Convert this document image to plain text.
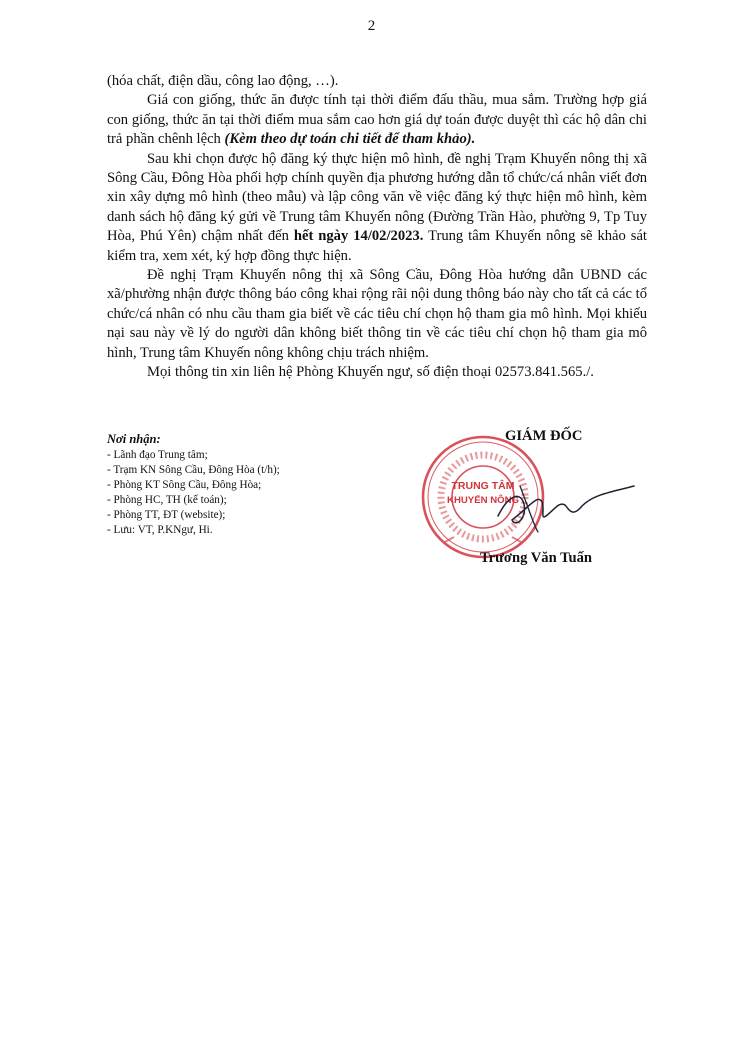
2

(hóa chất, điện dầu, công lao động, …).

Giá con giống, thức ăn được tính tại thời điểm đấu thầu, mua sắm. Trường hợp giá con giống, thức ăn tại thời điểm mua sắm cao hơn giá dự toán được duyệt thì các hộ dân chi trả phần chênh lệch (Kèm theo dự toán chi tiết để tham khảo).

Sau khi chọn được hộ đăng ký thực hiện mô hình, đề nghị Trạm Khuyến nông thị xã Sông Cầu, Đông Hòa phối hợp chính quyền địa phương hướng dẫn tổ chức/cá nhân viết đơn xin xây dựng mô hình (theo mẫu) và lập công văn về việc đăng ký thực hiện mô hình, kèm danh sách hộ đăng ký gửi về Trung tâm Khuyến nông (Đường Trần Hào, phường 9, Tp Tuy Hòa, Phú Yên) chậm nhất đến hết ngày 14/02/2023. Trung tâm Khuyến nông sẽ khảo sát kiểm tra, xem xét, ký hợp đồng thực hiện.

Đề nghị Trạm Khuyến nông thị xã Sông Cầu, Đông Hòa hướng dẫn UBND các xã/phường nhận được thông báo công khai rộng rãi nội dung thông báo này cho tất cả các tổ chức/cá nhân có nhu cầu tham gia biết về các tiêu chí chọn hộ tham gia mô hình. Mọi khiếu nại sau này về lý do người dân không biết thông tin về các tiêu chí chọn hộ tham gia mô hình, Trung tâm Khuyến nông không chịu trách nhiệm.

Mọi thông tin xin liên hệ Phòng Khuyến ngư, số điện thoại 02573.841.565./.

Nơi nhận:
- Lãnh đạo Trung tâm;
- Trạm KN Sông Cầu, Đông Hòa (t/h);
- Phòng KT Sông Cầu, Đông Hòa;
- Phòng HC, TH (kế toán);
- Phòng TT, ĐT (website);
- Lưu: VT, P.KNgư, Hi.
TRUNG TÂM
KHUYẾN NÔNG
GIÁM ĐỐC
Trương Văn Tuấn
